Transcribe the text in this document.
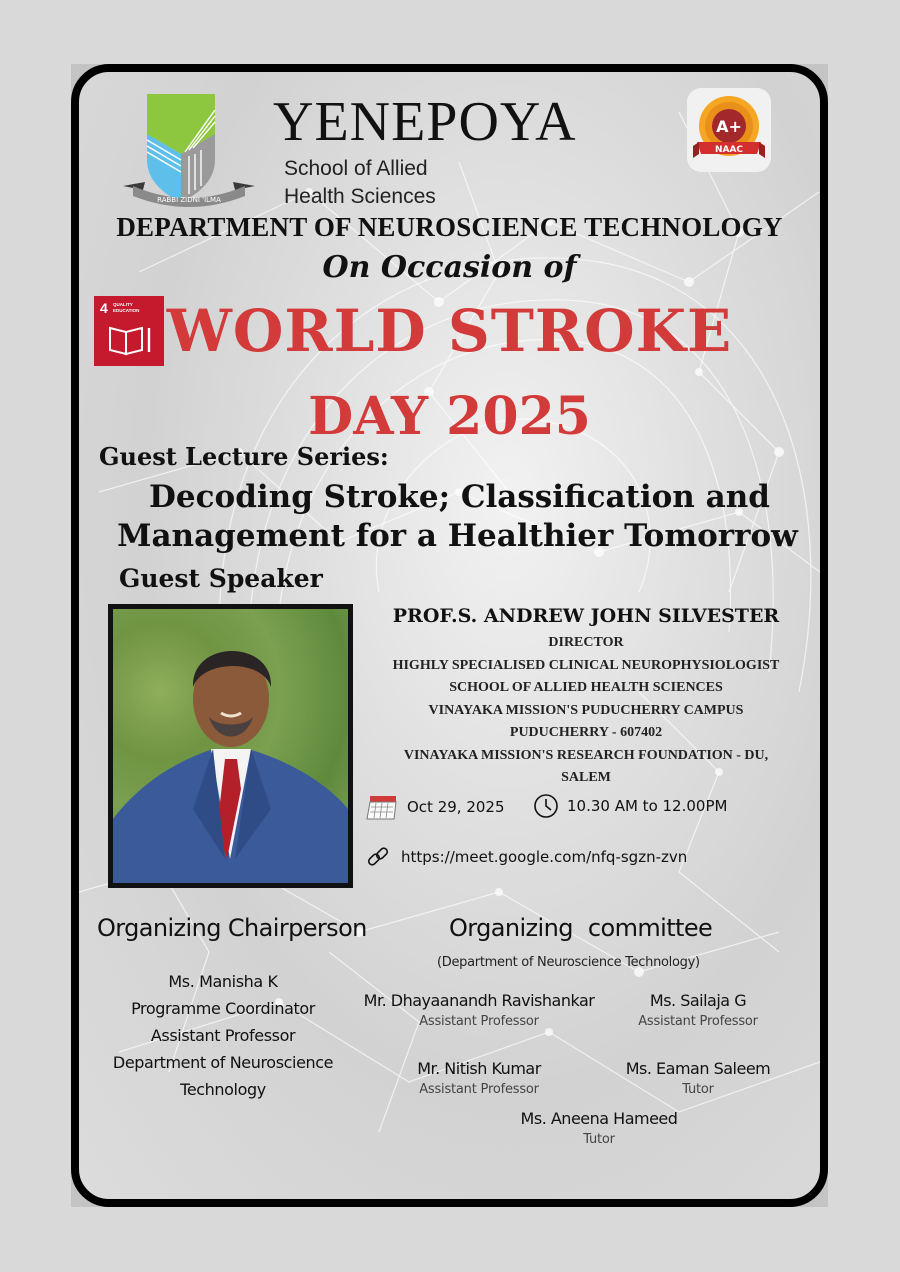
RABBI ZIDNI 'ILMA
YENEPOYA
School of Allied
Health Sciences
A+
NAAC
DEPARTMENT OF NEUROSCIENCE TECHNOLOGY
On Occasion of
4 QUALITY
EDUCATION WORLD STROKE
DAY 2025
Guest Lecture Series:
Decoding Stroke; Classification and
Management for a Healthier Tomorrow
Guest Speaker
PROF.S. ANDREW JOHN SILVESTER
DIRECTOR
HIGHLY SPECIALISED CLINICAL NEUROPHYSIOLOGIST
SCHOOL OF ALLIED HEALTH SCIENCES
VINAYAKA MISSION'S PUDUCHERRY CAMPUS
PUDUCHERRY - 607402
VINAYAKA MISSION'S RESEARCH FOUNDATION - DU,
SALEM
Oct 29, 2025	10.30 AM to 12.00PM
https://meet.google.com/nfq-sgzn-zvn
Organizing Chairperson
Ms. Manisha K
Programme Coordinator
Assistant Professor
Department of Neuroscience
Technology
Organizing committee
(Department of Neuroscience Technology)
Mr. Dhayaanandh Ravishankar
Assistant Professor
Ms. Sailaja G
Assistant Professor
Mr. Nitish Kumar
Assistant Professor
Ms. Eaman Saleem
Tutor
Ms. Aneena Hameed
Tutor
